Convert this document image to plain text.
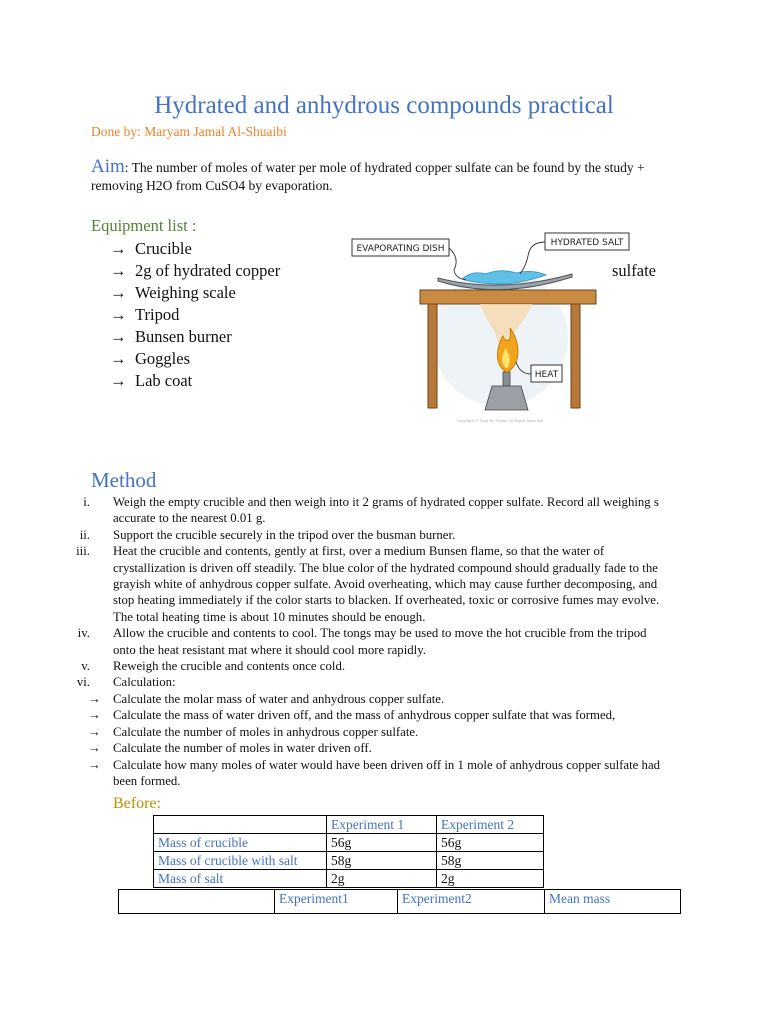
Hydrated and anhydrous compounds practical
Done by: Maryam Jamal Al-Shuaibi
Aim: The number of moles of water per mole of hydrated copper sulfate can be found by the study + removing H2O from CuSO4 by evaporation.
Equipment list :
→ Crucible
→ 2g of hydrated copper
→ Weighing scale
→ Tripod
→ Bunsen burner
→ Goggles
→ Lab coat
sulfate
EVAPORATING DISH
HYDRATED SALT
HEAT
Copyright © Save My Exams. All Rights Reserved
Method
i. Weigh the empty crucible and then weigh into it 2 grams of hydrated copper sulfate. Record all weighing s accurate to the nearest 0.01 g.
ii. Support the crucible securely in the tripod over the busman burner.
iii. Heat the crucible and contents, gently at first, over a medium Bunsen flame, so that the water of crystallization is driven off steadily. The blue color of the hydrated compound should gradually fade to the grayish white of anhydrous copper sulfate. Avoid overheating, which may cause further decomposing, and stop heating immediately if the color starts to blacken. If overheated, toxic or corrosive fumes may evolve. The total heating time is about 10 minutes should be enough.
iv. Allow the crucible and contents to cool. The tongs may be used to move the hot crucible from the tripod onto the heat resistant mat where it should cool more rapidly.
v. Reweigh the crucible and contents once cold.
vi. Calculation:
→ Calculate the molar mass of water and anhydrous copper sulfate.
→ Calculate the mass of water driven off, and the mass of anhydrous copper sulfate that was formed,
→ Calculate the number of moles in anhydrous copper sulfate.
→ Calculate the number of moles in water driven off.
→ Calculate how many moles of water would have been driven off in 1 mole of anhydrous copper sulfate had been formed.
Before:
	Experiment 1	Experiment 2
Mass of crucible	56g	56g
Mass of crucible with salt	58g	58g
Mass of salt	2g	2g
	Experiment1	Experiment2	Mean mass
